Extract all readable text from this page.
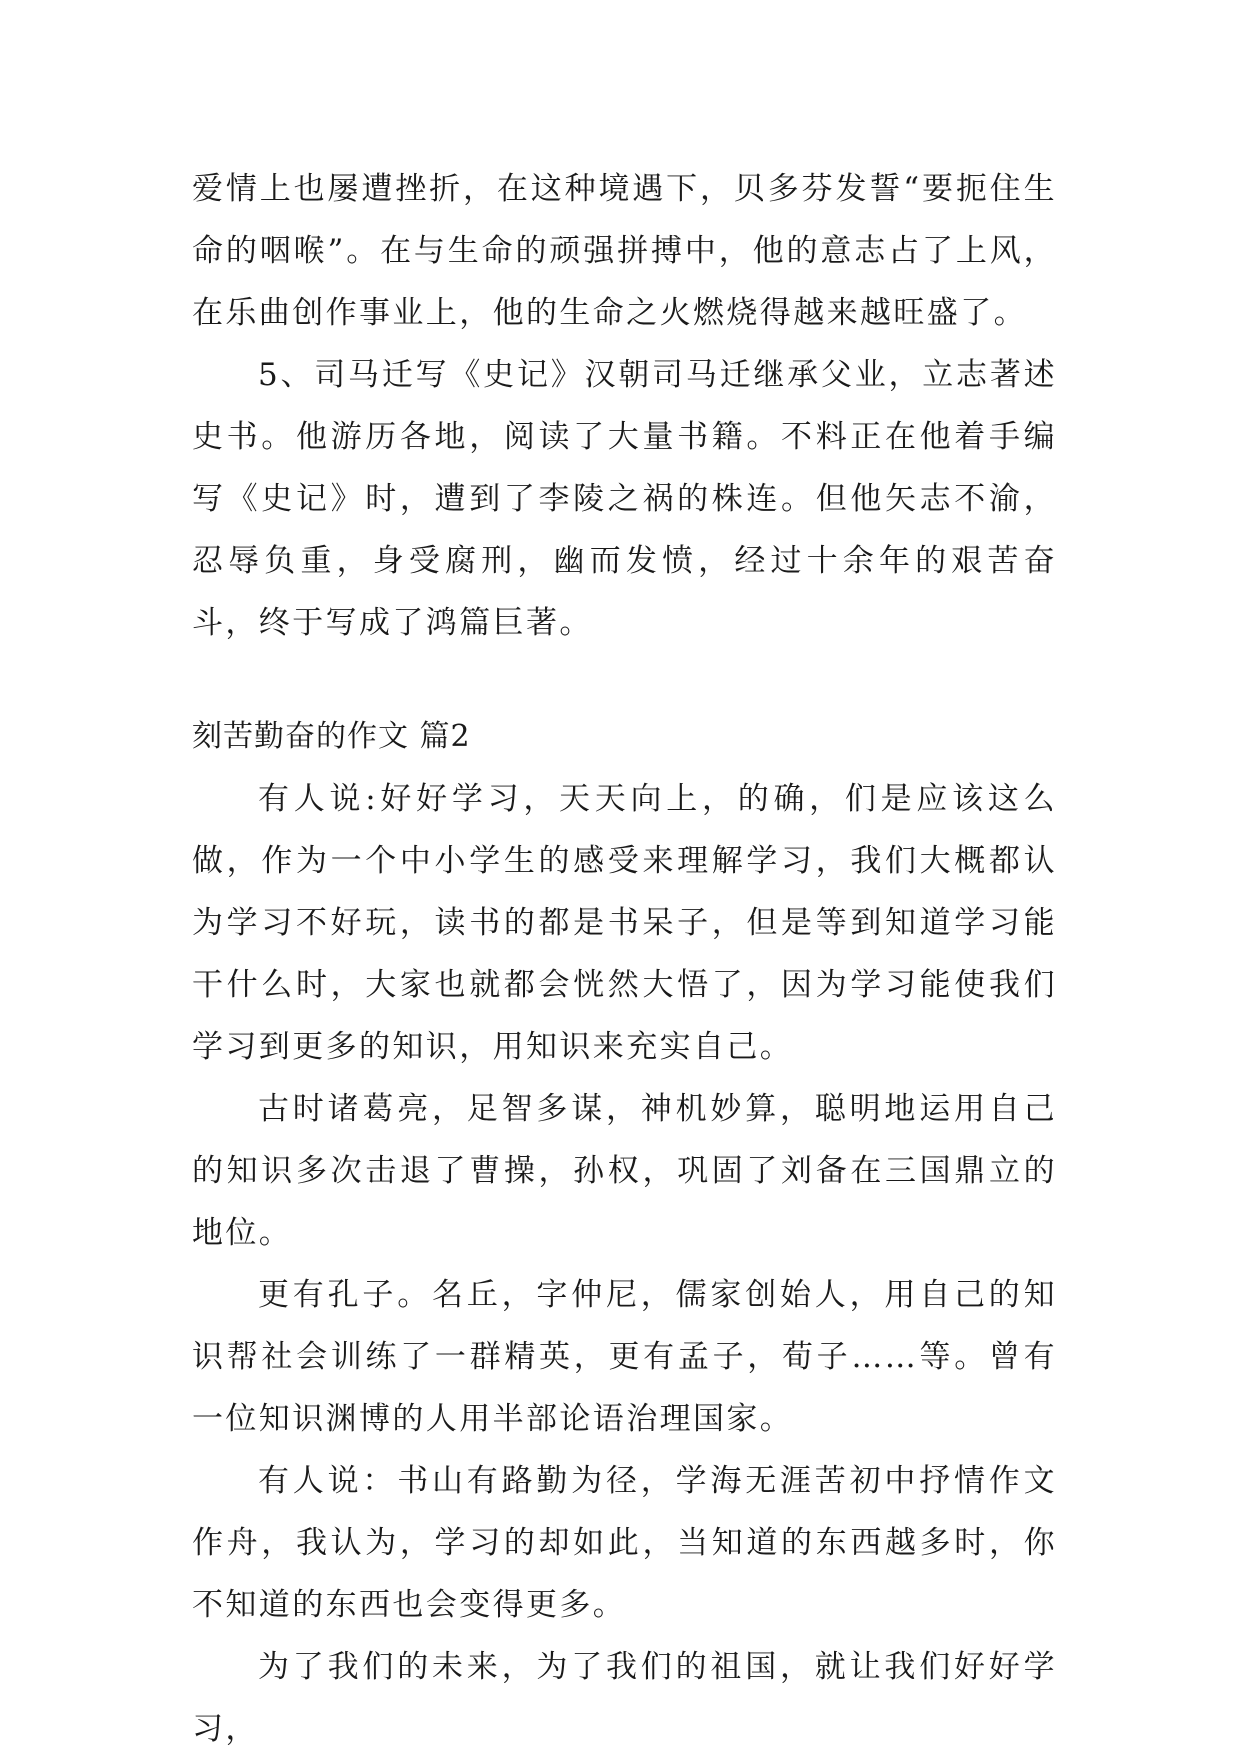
爱情上也屡遭挫折，在这种境遇下，贝多芬发誓“要扼住生命的咽喉”。在与生命的顽强拼搏中，他的意志占了上风，在乐曲创作事业上，他的生命之火燃烧得越来越旺盛了。

5、司马迁写《史记》汉朝司马迁继承父业，立志著述史书。他游历各地，阅读了大量书籍。不料正在他着手编写《史记》时，遭到了李陵之祸的株连。但他矢志不渝，忍辱负重，身受腐刑，幽而发愤，经过十余年的艰苦奋斗，终于写成了鸿篇巨著。

刻苦勤奋的作文 篇2

有人说:好好学习，天天向上，的确，们是应该这么做，作为一个中小学生的感受来理解学习，我们大概都认为学习不好玩，读书的都是书呆子，但是等到知道学习能干什么时，大家也就都会恍然大悟了，因为学习能使我们学习到更多的知识，用知识来充实自己。

古时诸葛亮，足智多谋，神机妙算，聪明地运用自己的知识多次击退了曹操，孙权，巩固了刘备在三国鼎立的地位。

更有孔子。名丘，字仲尼，儒家创始人，用自己的知识帮社会训练了一群精英，更有孟子，荀子……等。曾有一位知识渊博的人用半部论语治理国家。

有人说：书山有路勤为径，学海无涯苦初中抒情作文作舟，我认为，学习的却如此，当知道的东西越多时，你不知道的东西也会变得更多。

为了我们的未来，为了我们的祖国，就让我们好好学习，
